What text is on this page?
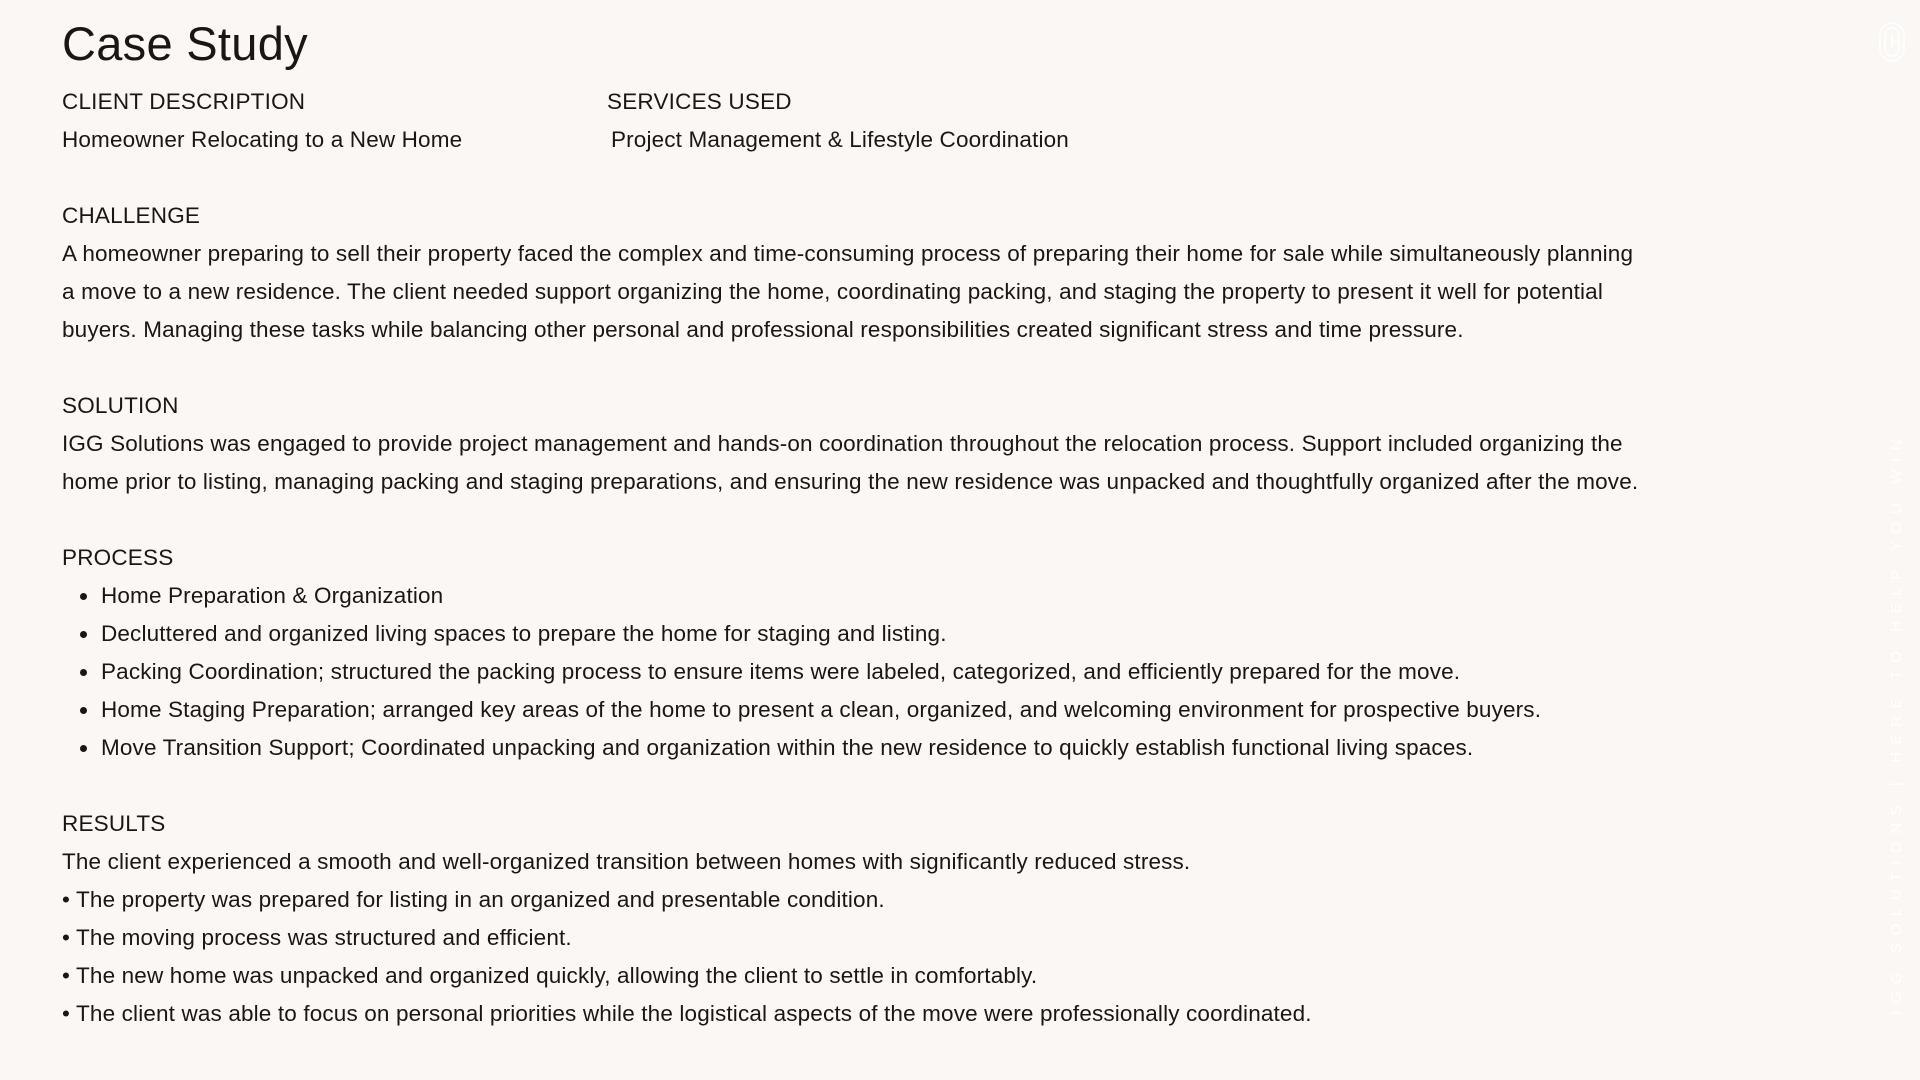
Case Study
CLIENT DESCRIPTION
Homeowner Relocating to a New Home
SERVICES USED
Project Management & Lifestyle Coordination
CHALLENGE
A homeowner preparing to sell their property faced the complex and time-consuming process of preparing their home for sale while simultaneously planning
a move to a new residence. The client needed support organizing the home, coordinating packing, and staging the property to present it well for potential
buyers. Managing these tasks while balancing other personal and professional responsibilities created significant stress and time pressure.
SOLUTION
IGG Solutions was engaged to provide project management and hands-on coordination throughout the relocation process. Support included organizing the
home prior to listing, managing packing and staging preparations, and ensuring the new residence was unpacked and thoughtfully organized after the move.
PROCESS
Home Preparation & Organization
Decluttered and organized living spaces to prepare the home for staging and listing.
Packing Coordination; structured the packing process to ensure items were labeled, categorized, and efficiently prepared for the move.
Home Staging Preparation; arranged key areas of the home to present a clean, organized, and welcoming environment for prospective buyers.
Move Transition Support; Coordinated unpacking and organization within the new residence to quickly establish functional living spaces.
RESULTS
The client experienced a smooth and well-organized transition between homes with significantly reduced stress.
• The property was prepared for listing in an organized and presentable condition.
• The moving process was structured and efficient.
• The new home was unpacked and organized quickly, allowing the client to settle in comfortably.
• The client was able to focus on personal priorities while the logistical aspects of the move were professionally coordinated.	IGG SOLUTIONS | HERE TO HELP YOU WIN
